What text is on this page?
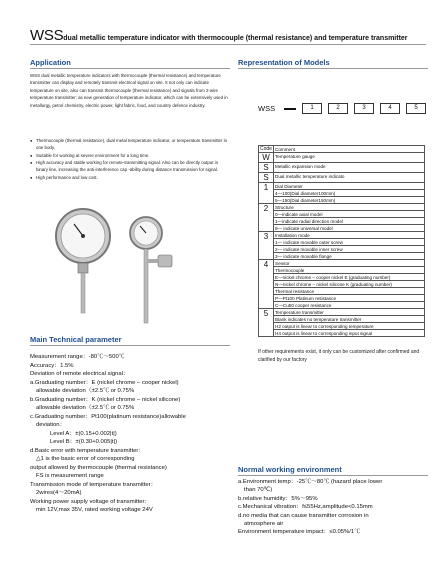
WSSdual metallic temperature indicator with thermocouple (thermal resistance) and temperature transmitter
Application
WSS dual metallic temperature indicators with thermocouple (thermal resistance) and temperature transmitter can display and remotely transmit electrical signal on site. It not only can indicate temperature on site, also can transmit thermocouple (thermal resistance) and signals from 2-wire temperature transmitter; as new generation of temperature indicator, which can be extensively used in metallurgy, petrol chemistry, electric power, light fabric, food, and country defence industry.
● Thermocouple (thermal resistance), dual metal temperature indicator, or temperature transmitter in one body.
● Suitable for working at severe environment for a long time.
● High accuracy and stable working for remote-transmitting signal. Also can be directly output in binary line, increasing the anti-interference cap -ability during distance transmission for signal.
● High performance and low cost.
Representation of Models
WSS	1	2	3	4	5
Code	Comment
W	Temperature gauge
S	Metallic expansion mode
S	Dual metallic temperature indicato
1	Dial Diameter
	4—100(Dial diameter100mm)
	5—150(Dial diameter150mm)
2	Structure
	0—indicate axial model
	1—indicate radial direction model
	8— indicate universal model
3	Installation mode
	1— indicate movable outer screw
	2— indicate movable inner screw
	3— indicate movable flange
4	Sensor
	Thermocouple
	E—nickel chrome – cooper nickel E (graduating number)
	N—nickel chrome – nickel silicone K (graduating number)
	Thermal resistance
	P—Pt100 Platinum resistance
	C—Cu50 cooper resistance
5	Temperature transmitter
	Blank indicates no temperature transmitter
	H2 output is linear to corresponding temperature
	H4 output is linear to corresponding input signal
If other requirements exist, it only can be customized after confirmed and clarified by our factory
Main Technical parameter
Measurement range：-80℃～500℃
Accuracy：1.5%
Deviation of remote electrical signal：
a.Graduating number：E (nickel chrome – cooper nickel)
allowable deviation（±2.5℃ or 0.75%
b.Graduating number：K (nickel chrome – nickel silicone)
allowable deviation（±2.5℃ or 0.75%
c.Graduating number：Pt100(platinum resistance)allowable
deviation：
Level A：±(0.15+0.002|t|)
Level B：±(0.30+0.005|t|)
d.Basic error with temperature transmitter：
△1 is the basic error of corresponding
output allowed by thermocouple (thermal resistance)
FS is measurement range
Transmission mode of temperature transmitter：
2wires(4～20mA)
Working power supply voltage of transmitter:
min 12V,max 35V, rated working voltage 24V
Normal working environment
a.Environment temp：-25℃～80℃ (hazard place lower
than 70℃)
b.relative humidity：5%～95%
c.Mechanical vibration：f≤55Hz,amplitude<0.15mm
d.no media that can cause transmitter corrosion in
atmosphere air
Environment temperature impact：≤0.05%/1℃
